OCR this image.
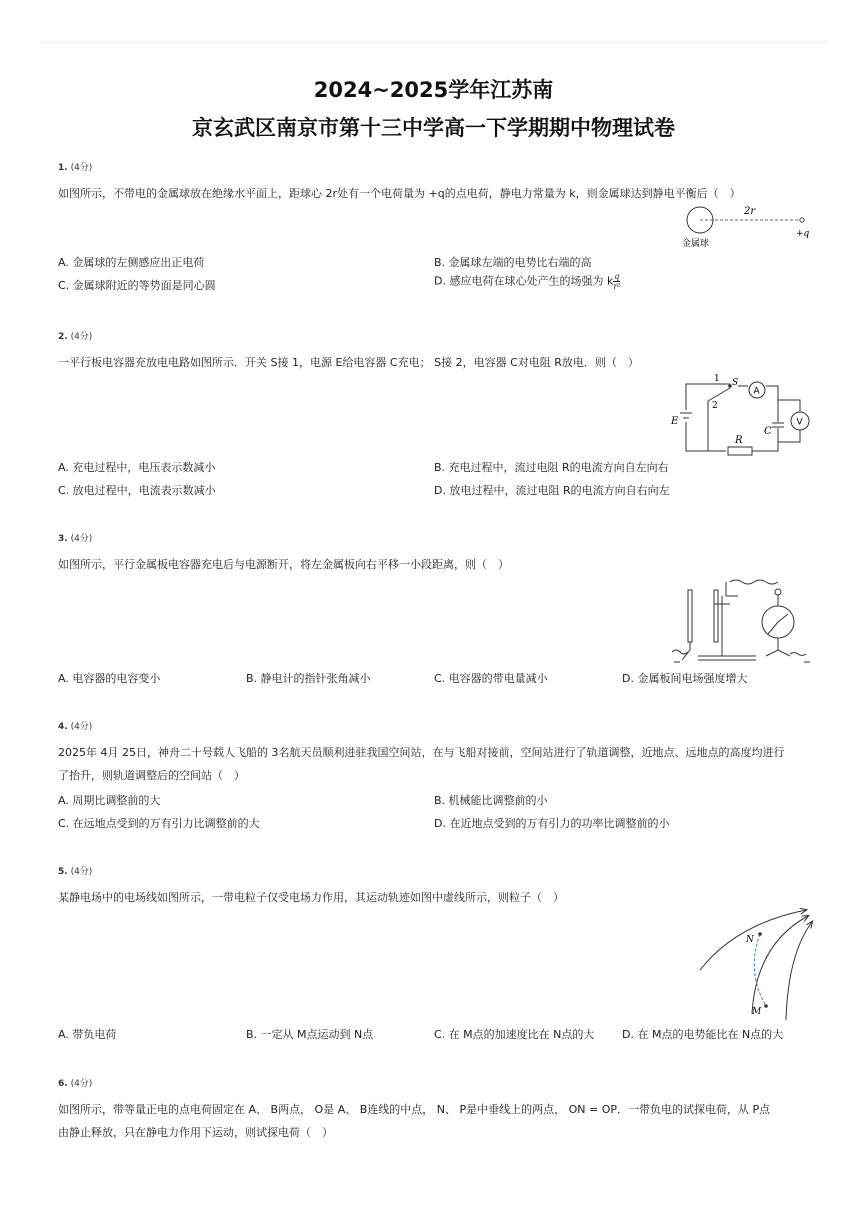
2024~2025学年江苏南
京玄武区南京市第十三中学高一下学期期中物理试卷
1. (4分)
如图所示，不带电的金属球放在绝缘水平面上，距球心 2r处有一个电荷量为 +q的点电荷，静电力常量为 k，则金属球达到静电平衡后（　）
2r
金属球
+q
A. 金属球的左侧感应出正电荷	B. 金属球左端的电势比右端的高
C. 金属球附近的等势面是同心圆	D. 感应电荷在球心处产生的场强为 k $\frac{q}{\text{r²}}$
2. (4分)
一平行板电容器充放电电路如图所示．开关 S接 1，电源 E给电容器 C充电； S接 2，电容器 C对电阻 R放电．则（　）
A
V
1
2
S
E
C
R
A. 充电过程中，电压表示数减小	B. 充电过程中，流过电阻 R的电流方向自左向右
C. 放电过程中，电流表示数减小	D. 放电过程中，流过电阻 R的电流方向自右向左
3. (4分)
如图所示，平行金属板电容器充电后与电源断开，将左金属板向右平移一小段距离，则（　）
A. 电容器的电容变小	B. 静电计的指针张角减小	C. 电容器的带电量减小	D. 金属板间电场强度增大
4. (4分)
2025年 4月 25日，神舟二十号载人飞船的 3名航天员顺利进驻我国空间站，在与飞船对接前，空间站进行了轨道调整，近地点、远地点的高度均进行
了抬升，则轨道调整后的空间站（　）
A. 周期比调整前的大	B. 机械能比调整前的小
C. 在远地点受到的万有引力比调整前的大	D. 在近地点受到的万有引力的功率比调整前的小
5. (4分)
某静电场中的电场线如图所示，一带电粒子仅受电场力作用，其运动轨迹如图中虚线所示，则粒子（　）
N
M
A. 带负电荷	B. 一定从 M点运动到 N点	C. 在 M点的加速度比在 N点的大	D. 在 M点的电势能比在 N点的大
6. (4分)
如图所示，带等量正电的点电荷固定在 A、 B两点， O是 A、 B连线的中点， N、 P是中垂线上的两点， ON = OP．一带负电的试探电荷，从 P点
由静止释放，只在静电力作用下运动，则试探电荷（　）
